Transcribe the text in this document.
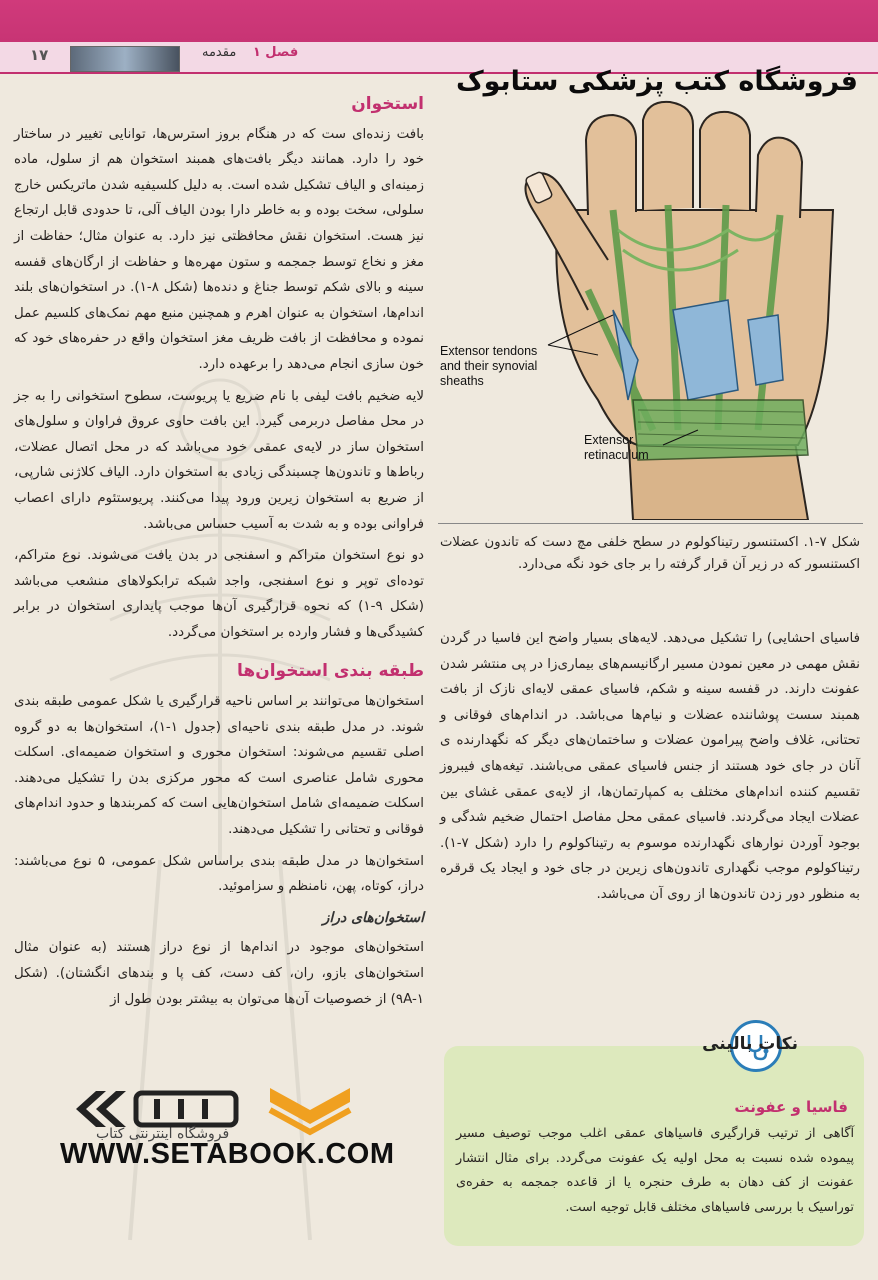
١٧	فصل ۱    مقدمه
فروشگاه کتب پزشکی ستابوک
استخوان

بافت زنده‌ای ست که در هنگام بروز استرس‌ها، توانایی تغییر در ساختار خود را دارد. همانند دیگر بافت‌های همبند استخوان هم از سلول، ماده زمینه‌ای و الیاف تشکیل شده است. به دلیل کلسیفیه شدن ماتریکس خارج سلولی، سخت بوده و به خاطر دارا بودن الیاف آلی، تا حدودی قابل ارتجاع نیز هست. استخوان نقش محافظتی نیز دارد. به عنوان مثال؛ حفاظت از مغز و نخاع توسط جمجمه و ستون مهره‌ها و حفاظت از ارگان‌های قفسه سینه و بالای شکم توسط جناغ و دنده‌ها (شکل ۸-۱). در استخوان‌های بلند اندام‌ها، استخوان به عنوان اهرم و همچنین منبع مهم نمک‌های کلسیم عمل نموده و محافظت از بافت ظریف مغز استخوان واقع در حفره‌های خود که خون سازی انجام می‌دهد را برعهده دارد.

لایه ضخیم بافت لیفی با نام ضریع یا پریوست، سطوح استخوانی را به جز در محل مفاصل دربرمی گیرد. این بافت حاوی عروق فراوان و سلول‌های استخوان ساز در لایه‌ی عمقی خود می‌باشد که در محل اتصال عضلات، رباط‌ها و تاندون‌ها چسبندگی زیادی به استخوان دارد. الیاف کلاژنی شارپی، از ضریع به استخوان زیرین ورود پیدا می‌کنند. پریوستئوم دارای اعصاب فراوانی بوده و به شدت به آسیب حساس می‌باشد.

دو نوع استخوان متراکم و اسفنجی در بدن یافت می‌شوند. نوع متراکم، توده‌ای توپر و نوع اسفنجی، واجد شبکه ترابکولاهای منشعب می‌باشد (شکل ۹-۱) که نحوه قرارگیری آن‌ها موجب پایداری استخوان در برابر کشیدگی‌ها و فشار وارده بر استخوان می‌گردد.

طبقه بندی استخوان‌ها

استخوان‌ها می‌توانند بر اساس ناحیه قرارگیری یا شکل عمومی طبقه بندی شوند. در مدل طبقه بندی ناحیه‌ای (جدول ۱-۱)، استخوان‌ها به دو گروه اصلی تقسیم می‌شوند: استخوان محوری و استخوان ضمیمه‌ای. اسکلت محوری شامل عناصری است که محور مرکزی بدن را تشکیل می‌دهند. اسکلت ضمیمه‌ای شامل استخوان‌هایی است که کمربندها و حدود اندام‌های فوقانی و تحتانی را تشکیل می‌دهند.

استخوان‌ها در مدل طبقه بندی براساس شکل عمومی، ۵ نوع می‌باشند: دراز، کوتاه، پهن، نامنظم و سزاموئید.

استخوان‌های دراز

استخوان‌های موجود در اندام‌ها از نوع دراز هستند (به عنوان مثال استخوان‌های بازو، ران، کف دست، کف پا و بندهای انگشتان). (شکل ۹A-۱) از خصوصیات آن‌ها می‌توان به بیشتر بودن طول از

Extensor tendons and their synovial sheaths
Extensor retinaculum
شکل ۷-۱. اکستنسور رتیناکولوم در سطح خلفی مچ دست که تاندون عضلات اکستنسور که در زیر آن قرار گرفته را بر جای خود نگه می‌دارد.

فاسیای احشایی) را تشکیل می‌دهد. لایه‌های بسیار واضح این فاسیا در گردن نقش مهمی در معین نمودن مسیر ارگانیسم‌های بیماری‌زا در پی منتشر شدن عفونت دارند. در قفسه سینه و شکم، فاسیای عمقی لایه‌ای نازک از بافت همبند سست پوشاننده عضلات و نیام‌ها می‌باشد. در اندام‌های فوقانی و تحتانی، غلاف واضح پیرامون عضلات و ساختمان‌های دیگر که نگهدارنده ی آنان در جای خود هستند از جنس فاسیای عمقی می‌باشند. تیغه‌های فیبروز تقسیم کننده اندام‌های مختلف به کمپارتمان‌ها، از لایه‌ی عمقی غشای بین عضلات ایجاد می‌گردند. فاسیای عمقی محل مفاصل احتمال ضخیم شدگی و بوجود آوردن نوارهای نگهدارنده موسوم به رتیناکولوم را دارد (شکل ۷-۱). رتیناکولوم موجب نگهداری تاندون‌های زیرین در جای خود و ایجاد یک قرقره به منظور دور زدن تاندون‌ها از روی آن می‌باشد.

نکات بالینی
فاسیا و عفونت
آگاهی از ترتیب قرارگیری فاسیاهای عمقی اغلب موجب توصیف مسیر پیموده شده نسبت به محل اولیه یک عفونت می‌گردد. برای مثال انتشار عفونت از کف دهان به طرف حنجره یا از قاعده جمجمه به حفره‌ی توراسیک با بررسی فاسیاهای مختلف قابل توجیه است.
فروشگاه اینترنتی کتاب
WWW.SETABOOK.COM
